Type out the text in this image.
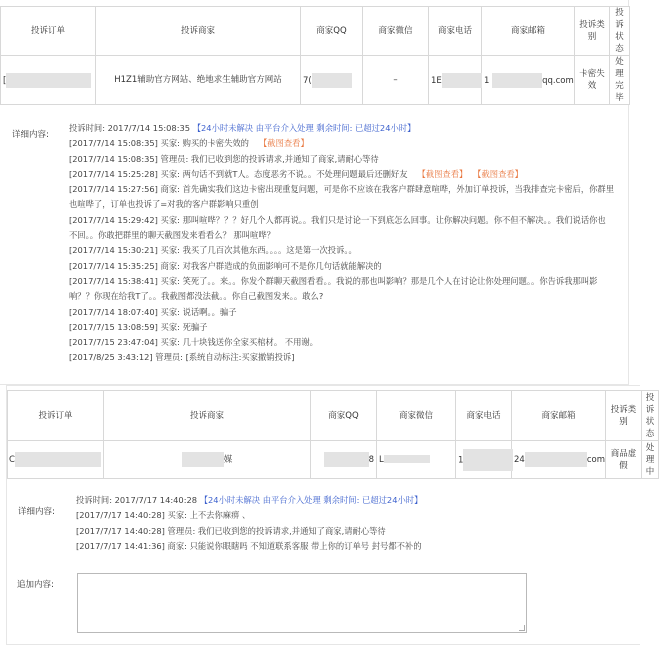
投诉订单	投诉商家	商家QQ	商家微信	商家电话	商家邮箱	投诉类别	投诉状态
[	H1Z1辅助官方网站、绝地求生辅助官方网站	7(	–	1E	1 qq.com	卡密失效	处理完毕
详细内容:
投诉时间: 2017/7/14 15:08:35 【24小时未解决 由平台介入处理 剩余时间: 已超过24小时】
[2017/7/14 15:08:35] 买家: 购买的卡密失效的 【截图查看】
[2017/7/14 15:08:35] 管理员: 我们已收到您的投诉请求,并通知了商家,请耐心等待
[2017/7/14 15:25:28] 买家: 两句话不到就T人。态度恶劣不说。。不处理问题最后还删好友 【截图查看】 【截图查看】
[2017/7/14 15:27:56] 商家: 首先确实我们这边卡密出现重复问题，可是你不应该在我客户群肆意喧哗，外加订单投诉，当我排查完卡密后，你群里
也喧哗了，订单也投诉了=对我的客户群影响只重创
[2017/7/14 15:29:42] 买家: 那叫喧哗？？？好几个人都再说。。我们只是讨论一下到底怎么回事。让你解决问题。你不但不解决。。我们说话你也
不回。。你敢把群里的聊天截图发来看看么？ 那叫喧哗？
[2017/7/14 15:30:21] 买家: 我买了几百次其他东西。。。。这是第一次投诉。。
[2017/7/14 15:35:25] 商家: 对我客户群造成的负面影响可不是你几句话就能解决的
[2017/7/14 15:38:41] 买家: 笑死了。。来。。你发个群聊天截图看看。。我说的那也叫影响？那是几个人在讨论让你处理问题。。你告诉我那叫影
响？？你现在给我T了。。我截图都没法截。。你自己截图发来。。敢么?
[2017/7/14 18:07:40] 买家: 说话啊。。骗子
[2017/7/15 13:08:59] 买家: 死骗子
[2017/7/15 23:47:04] 买家: 几十块钱送你全家买棺材。 不用谢。
[2017/8/25 3:43:12] 管理员: [系统自动标注:买家撤销投诉]
投诉订单	投诉商家	商家QQ	商家微信	商家电话	商家邮箱	投诉类别	投诉状态
C	媒	8	L	1	24 com	商品虚假	处理中
详细内容:
投诉时间: 2017/7/17 14:40:28 【24小时未解决 由平台介入处理 剩余时间: 已超过24小时】
[2017/7/17 14:40:28] 买家: 上不去你麻痹 、
[2017/7/17 14:40:28] 管理员: 我们已收到您的投诉请求,并通知了商家,请耐心等待
[2017/7/17 14:41:36] 商家: 只能说你眼瞎吗 不知道联系客服 带上你的订单号 封号都不补的
追加内容:
